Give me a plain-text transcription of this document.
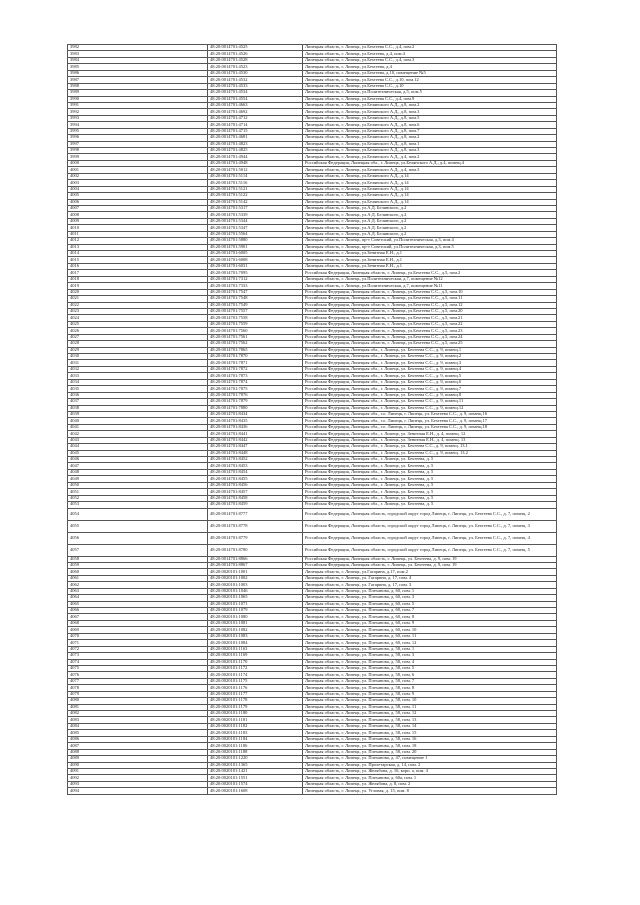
3982	48:20:0014701:4525	Липецкая область, г. Липецк, ул.Бехтеева С.С., д.4, пом.2
3983	48:20:0014701:4526	Липецкая область, г. Липецк, ул.Бехтеева, д.4, пом.4
3984	48:20:0014701:4528	Липецкая область, г. Липецк, ул.Бехтеева С.С., д.4, пом.3
3985	48:20:0014701:4523	Липецкая область, г. Липецк, ул.Бехтеева, д.4
3986	48:20:0014701:4530	Липецкая область, г. Липецк, ул.Бехтеева, д.10, помещение №5
3987	48:20:0014701:4532	Липецкая область, г. Липецк, ул.Бехтеева С.С., д.10, пом.12
3988	48:20:0014701:4533	Липецкая область, г. Липецк, ул.Бехтеева С.С., д.10
3989	48:20:0014701:4534	Липецкая область, г. Липецк, ул.Политехническая, д.5, пом.5
3990	48:20:0014701:4554	Липецкая область, г. Липецк, ул.Бехтеева С.С., д.4, пом.9
3991	48:20:0014701:4663	Липецкая область, г. Липецк, ул.Белянского А.Д., д.8, пом.2
3992	48:20:0014701:4692	Липецкая область, г. Липецк, ул.Белянского А.Д., д.8, пом.3
3993	48:20:0014701:4712	Липецкая область, г. Липецк, ул.Белянского А.Д., д.8, пом.5
3994	48:20:0014701:4714	Липецкая область, г. Липецк, ул.Белянского А.Д., д.8, пом.6
3995	48:20:0014701:4715	Липецкая область, г. Липецк, ул.Белянского А.Д., д.8, пом.7
3996	48:20:0014701:4681	Липецкая область, г. Липецк, ул.Белянского А.Д., д.8, пом.2
3997	48:20:0014701:4823	Липецкая область, г. Липецк, ул.Белянского А.Д., д.8, пом.1
3998	48:20:0014701:4825	Липецкая область, г. Липецк, ул.Белянского А.Д., д.8, пом.3
3999	48:20:0014701:4944	Липецкая область, г. Липецк, ул.Белянского А.Д., д.4, пом.2
4000	48:20:0014701:4948	Российская Федерация, Липецкая обл., г. Липецк, ул.Белянского А.Д., д.4, помещ.4
4001	48:20:0014701:5012	Липецкая область, г. Липецк, ул.Белянского А.Д., д.4, пом.3
4002	48:20:0014701:5114	Липецкая область, г. Липецк, ул.Белянского А.Д., д.14
4003	48:20:0014701:5116	Липецкая область, г. Липецк, ул.Белянского А.Д., д.14
4004	48:20:0014701:5121	Липецкая область, г. Липецк, ул.Белянского А.Д., д.14
4005	48:20:0014701:5122	Липецкая область, г. Липецк, ул.Белянского А.Д., д.14
4006	48:20:0014701:5142	Липецкая область, г. Липецк, ул.Белянского А.Д., д.14
4007	48:20:0014701:5317	Липецкая область, г. Липецк, ул.А.Д. Белянского, д.2
4008	48:20:0014701:5339	Липецкая область, г. Липецк, ул.А.Д. Белянского, д.2
4009	48:20:0014701:5344	Липецкая область, г. Липецк, ул.А.Д. Белянского, д.2
4010	48:20:0014701:5347	Липецкая область, г. Липецк, ул.А.Д. Белянского, д.2
4011	48:20:0014701:5564	Липецкая область, г. Липецк, ул.А.Д. Белянского, д.2
4012	48:20:0014701:5880	Липецкая область, г. Липецк, пр-т Советский, ул.Политехническая, д.3, пом.4
4013	48:20:0014701:5901	Липецкая область, г. Липецк, пр-т Советский, ул.Политехническая, д.3, пом.5
4014	48:20:0014701:6005	Липецкая область, г. Липецк, ул.Зенитная Е.Н., д.1
4015	48:20:0014701:6008	Липецкая область, г. Липецк, ул.Зенитная Е.Н., д.1
4016	48:20:0014701:6031	Липецкая область, г. Липецк, ул.Зенитная Е.Н., д.1
4017	48:20:0014701:7095	Российская Федерация, Липецкая область, г. Липецк, ул.Бехтеева С.С., д.5, пом.2
4018	48:20:0014701:7312	Липецкая область, г. Липецк, ул.Политехническая, д.7, помещение №12
4019	48:20:0014701:7333	Липецкая область, г. Липецк, ул.Политехническая, д.7, помещение №11
4020	48:20:0014701:7547	Российская Федерация, Липецкая область, г. Липецк, ул.Бехтеева С.С., д.5, пом.10
4021	48:20:0014701:7548	Российская Федерация, Липецкая область, г. Липецк, ул.Бехтеева С.С., д.5, пом.11
4022	48:20:0014701:7549	Российская Федерация, Липецкая область, г. Липецк, ул.Бехтеева С.С., д.5, пом.12
4023	48:20:0014701:7557	Российская Федерация, Липецкая область, г. Липецк, ул.Бехтеева С.С., д.5, пом.20
4024	48:20:0014701:7558	Российская Федерация, Липецкая область, г. Липецк, ул.Бехтеева С.С., д.5, пом.21
4025	48:20:0014701:7559	Российская Федерация, Липецкая область, г. Липецк, ул.Бехтеева С.С., д.5, пом.22
4026	48:20:0014701:7560	Российская Федерация, Липецкая область, г. Липецк, ул.Бехтеева С.С., д.5, пом.23
4027	48:20:0014701:7561	Российская Федерация, Липецкая область, г. Липецк, ул.Бехтеева С.С., д.5, пом.24
4028	48:20:0014701:7562	Российская Федерация, Липецкая область, г. Липецк, ул.Бехтеева С.С., д.5, пом.25
4029	48:20:0014701:7865	Российская Федерация, Липецкая обл., г. Липецк, ул. Бехтеева С.С., д. 9, помещ.1
4030	48:20:0014701:7870	Российская Федерация, Липецкая обл., г. Липецк, ул. Бехтеева С.С., д. 9, помещ.2
4031	48:20:0014701:7871	Российская Федерация, Липецкая обл., г. Липецк, ул. Бехтеева С.С., д. 9, помещ.3
4032	48:20:0014701:7872	Российская Федерация, Липецкая обл., г. Липецк, ул. Бехтеева С.С., д. 9, помещ.4
4033	48:20:0014701:7873	Российская Федерация, Липецкая обл., г. Липецк, ул. Бехтеева С.С., д. 9, помещ.5
4034	48:20:0014701:7874	Российская Федерация, Липецкая обл., г. Липецк, ул. Бехтеева С.С., д. 9, помещ.6
4035	48:20:0014701:7875	Российская Федерация, Липецкая обл., г. Липецк, ул. Бехтеева С.С., д. 9, помещ.7
4036	48:20:0014701:7876	Российская Федерация, Липецкая обл., г. Липецк, ул. Бехтеева С.С., д. 9, помещ.8
4037	48:20:0014701:7879	Российская Федерация, Липецкая обл., г. Липецк, ул. Бехтеева С.С., д. 9, помещ.11
4038	48:20:0014701:7880	Российская Федерация, Липецкая обл., г. Липецк, ул. Бехтеева С.С., д. 9, помещ.12
4039	48:20:0014701:8434	Российская Федерация, Липецкая обл., г.о. Липецк, г. Липецк, ул. Бехтеева С.С., д. 9, помещ.16
4040	48:20:0014701:8435	Российская Федерация, Липецкая обл., г.о. Липецк, г. Липецк, ул. Бехтеева С.С., д. 9, помещ.17
4041	48:20:0014701:8436	Российская Федерация, Липецкая обл., г.о. Липецк, г. Липецк, ул. Бехтеева С.С., д. 9, помещ.18
4042	48:20:0014701:8441	Российская Федерация, Липецкая обл., г. Липецк, ул. Зенитная Е.Н., д. 4, помещ. 12
4043	48:20:0014701:8442	Российская Федерация, Липецкая обл., г. Липецк, ул. Зенитная Е.Н., д. 4, помещ. 13
4044	48:20:0014701:8447	Российская Федерация, Липецкая обл., г. Липецк, ул. Бехтеева С.С., д. 9, помещ. 13.1
4045	48:20:0014701:8448	Российская Федерация, Липецкая обл., г. Липецк, ул. Бехтеева С.С., д. 9, помещ. 13.2
4046	48:20:0014701:8452	Российская Федерация, Липецкая обл., г. Липецк, ул. Бехтеева, д. 5
4047	48:20:0014701:8453	Российская Федерация, Липецкая обл., г. Липецк, ул. Бехтеева, д. 5
4048	48:20:0014701:8454	Российская Федерация, Липецкая обл., г. Липецк, ул. Бехтеева, д. 5
4049	48:20:0014701:8455	Российская Федерация, Липецкая обл., г. Липецк, ул. Бехтеева, д. 5
4050	48:20:0014701:8456	Российская Федерация, Липецкая обл., г. Липецк, ул. Бехтеева, д. 5
4051	48:20:0014701:8457	Российская Федерация, Липецкая обл., г. Липецк, ул. Бехтеева, д. 5
4052	48:20:0014701:8458	Российская Федерация, Липецкая обл., г. Липецк, ул. Бехтеева, д. 5
4053	48:20:0014701:8459	Российская Федерация, Липецкая обл., г. Липецк, ул. Бехтеева, д. 5
4054	48:20:0014701:8777	Российская Федерация, Липецкая область, городской округ город Липецк, г. Липецк, ул. Бехтеева С.С., д. 7, помещ. 2
4055	48:20:0014701:8778	Российская Федерация, Липецкая область, городской округ город Липецк, г. Липецк, ул. Бехтеева С.С., д. 7, помещ. 3
4056	48:20:0014701:8779	Российская Федерация, Липецкая область, городской округ город Липецк, г. Липецк, ул. Бехтеева С.С., д. 7, помещ. 4
4057	48:20:0014701:8780	Российская Федерация, Липецкая область, городской округ город Липецк, г. Липецк, ул. Бехтеева С.С., д. 7, помещ. 5
4058	48:20:0014701:8866	Российская Федерация, Липецкая область, г. Липецк, ул. Бехтеева, д. 9, пом. 19
4059	48:20:0014701:8867	Российская Федерация, Липецкая область, г. Липецк, ул. Бехтеева, д. 9, пом. 19
4060	48:20:0020101:1001	Липецкая область, г. Липецк, ул.Гагарина, д.17, пом.2
4061	48:20:0020101:1002	Липецкая область, г. Липецк, ул. Гагарина, д. 17, пом. 4
4062	48:20:0020101:1003	Липецкая область, г. Липецк, ул. Гагарина, д. 17, пом. 3
4063	48:20:0020101:1046	Липецкая область, г. Липецк, ул. Плеханова, д. 60, пом. 1
4064	48:20:0020101:1065	Липецкая область, г. Липецк, ул. Плеханова, д. 60, пом. 3
4065	48:20:0020101:1071	Липецкая область, г. Липецк, ул. Плеханова, д. 60, пом. 5
4066	48:20:0020101:1079	Липецкая область, г. Липецк, ул. Плеханова, д. 60, пом. 7
4067	48:20:0020101:1080	Липецкая область, г. Липецк, ул. Плеханова, д. 60, пом. 8
4068	48:20:0020101:1081	Липецкая область, г. Липецк, ул. Плеханова, д. 60, пом. 9
4069	48:20:0020101:1082	Липецкая область, г. Липецк, ул. Плеханова, д. 60, пом. 10
4070	48:20:0020101:1083	Липецкая область, г. Липецк, ул. Плеханова, д. 60, пом. 11
4071	48:20:0020101:1084	Липецкая область, г. Липецк, ул. Плеханова, д. 60, пом. 12
4072	48:20:0020101:1163	Липецкая область, г. Липецк, ул. Плеханова, д. 58, пом. 1
4073	48:20:0020101:1169	Липецкая область, г. Липецк, ул. Плеханова, д. 58, пом. 3
4074	48:20:0020101:1170	Липецкая область, г. Липецк, ул. Плеханова, д. 58, пом. 4
4075	48:20:0020101:1172	Липецкая область, г. Липецк, ул. Плеханова, д. 58, пом. 5
4076	48:20:0020101:1174	Липецкая область, г. Липецк, ул. Плеханова, д. 58, пом. 6
4077	48:20:0020101:1175	Липецкая область, г. Липецк, ул. Плеханова, д. 58, пом. 7
4078	48:20:0020101:1176	Липецкая область, г. Липецк, ул. Плеханова, д. 58, пом. 8
4079	48:20:0020101:1177	Липецкая область, г. Липецк, ул. Плеханова, д. 58, пом. 9
4080	48:20:0020101:1178	Липецкая область, г. Липецк, ул. Плеханова, д. 58, пом. 10
4081	48:20:0020101:1179	Липецкая область, г. Липецк, ул. Плеханова, д. 58, пом. 11
4082	48:20:0020101:1180	Липецкая область, г. Липецк, ул. Плеханова, д. 58, пом. 12
4083	48:20:0020101:1181	Липецкая область, г. Липецк, ул. Плеханова, д. 58, пом. 13
4084	48:20:0020101:1182	Липецкая область, г. Липецк, ул. Плеханова, д. 58, пом. 14
4085	48:20:0020101:1183	Липецкая область, г. Липецк, ул. Плеханова, д. 58, пом. 15
4086	48:20:0020101:1184	Липецкая область, г. Липецк, ул. Плеханова, д. 58, пом. 16
4087	48:20:0020101:1186	Липецкая область, г. Липецк, ул. Плеханова, д. 58, пом. 18
4088	48:20:0020101:1188	Липецкая область, г. Липецк, ул. Плеханова, д. 58, пом. 20
4089	48:20:0020101:1220	Липецкая область, г. Липецк, ул. Плеханова, д. 47, помещение 1
4090	48:20:0020101:1365	Липецкая область, г. Липецк, ул. Пролетарская, д. 14, пом. 2
4091	48:20:0020101:1421	Липецкая область, г. Липецк, ул. Желябова, д. 16, корп. а, пом. 4
4092	48:20:0020101:1551	Липецкая область, г. Липецк, ул. Плеханова, д. 60а, пом. 1
4093	48:20:0020101:1574	Липецкая область, г. Липецк, ул. Желябова, д. 8, пом. 2
4094	48:20:0020101:1608	Липецкая область, г. Липецк, ул. Угловая, д. 15, пом. 8
